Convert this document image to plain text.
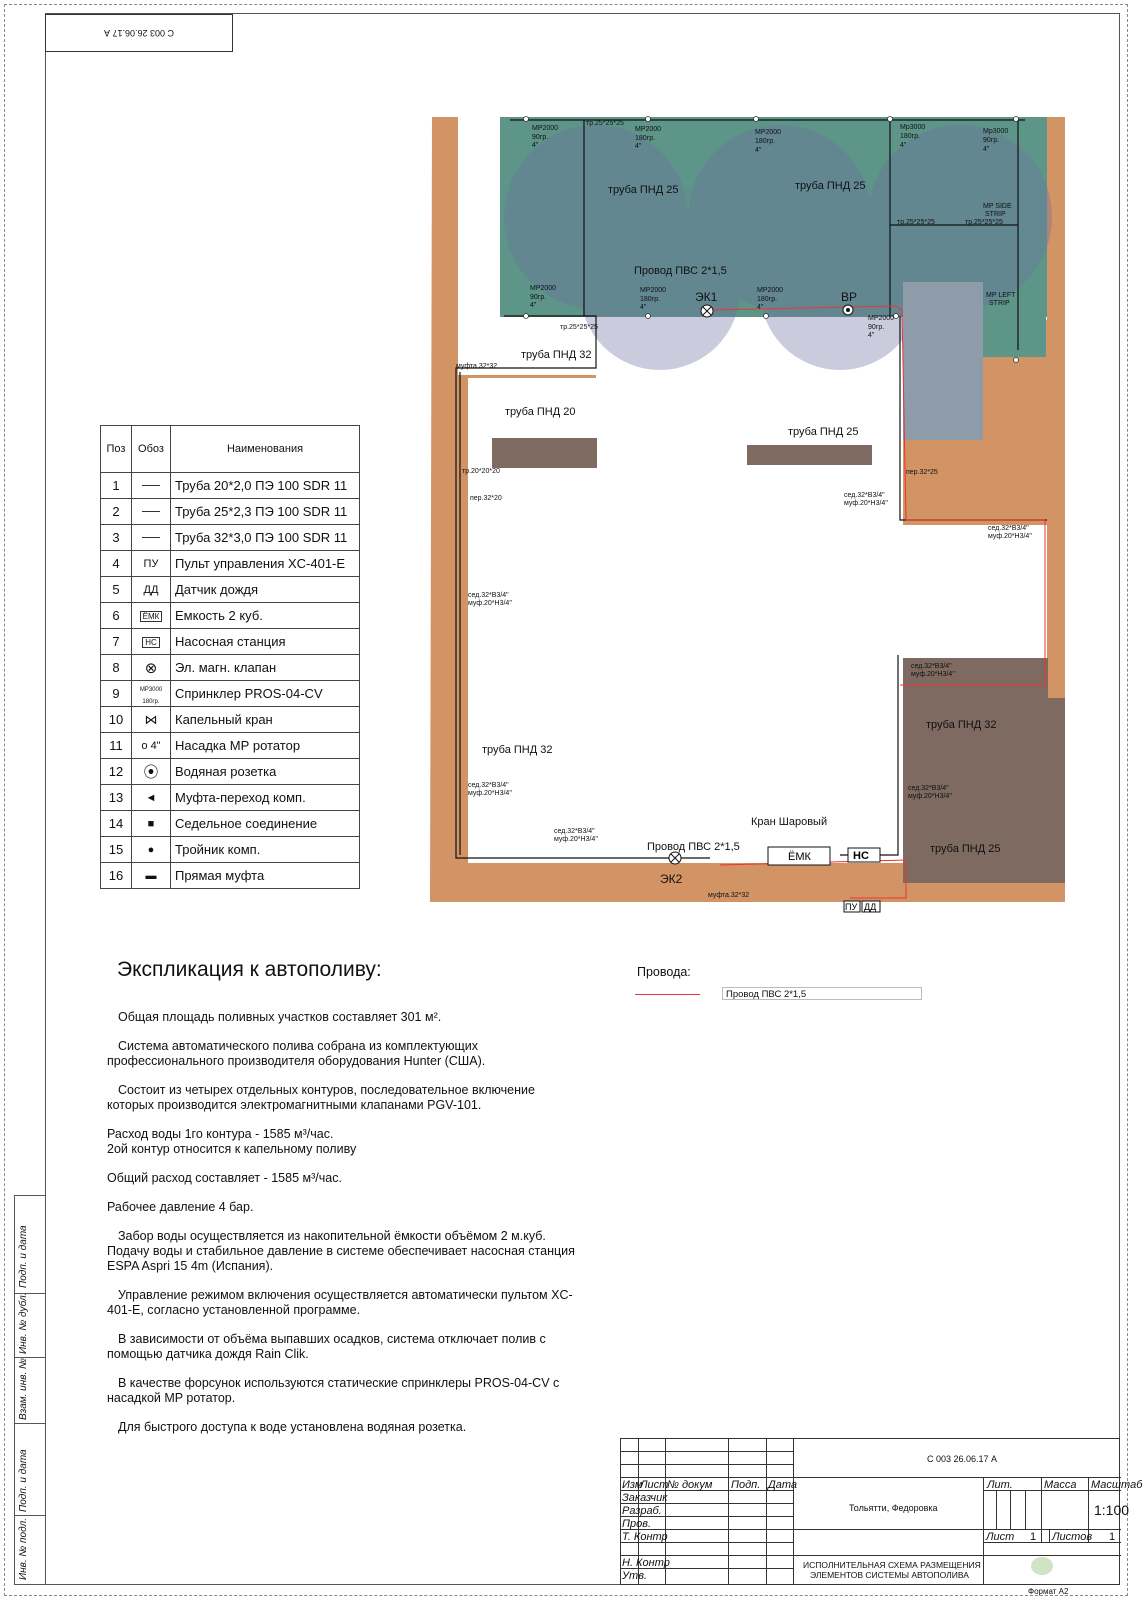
С 003 26.06.17 А
MP2000
90гр.
4"
MP2000
180гр.
4"
MP2000
180гр.
4"
Mp3000
180гр.
4"
Mp3000
90гр.
4"
MP SIDE
STRIP
MP LEFT
STRIP
MP2000
90гр.
4"
MP2000
180гр.
4"
MP2000
180гр.
4"
MP2000
90гр.
4"
тр.25*25*25
тр.25*25*25
тр.25*25*25	тр.25*25*25
тр.20*20*20
муфта.32*32
муфта.32*32
пер.32*20
пер.32*25
сед.32*В3/4"
муф.20*Н3/4"
сед.32*В3/4"
муф.20*Н3/4"
сед.32*В3/4"
муф.20*Н3/4"
сед.32*В3/4"
муф.20*Н3/4"
сед.32*В3/4"
муф.20*Н3/4"
сед.32*В3/4"
муф.20*Н3/4"
сед.32*В3/4"
муф.20*Н3/4"
труба ПНД 25	труба ПНД 25
труба ПНД 25
труба ПНД 25
труба ПНД 32
труба ПНД 32
труба ПНД 32
труба ПНД 20
Провод ПВС 2*1,5
Провод ПВС 2*1,5
Кран Шаровый
ЭК1
ЭК2
ВР
ЁМК	НС
ПУ ДД
Поз	Обоз	Наименования
1		Труба 20*2,0 ПЭ 100 SDR 11
2		Труба 25*2,3 ПЭ 100 SDR 11
3		Труба 32*3,0 ПЭ 100 SDR 11
4	ПУ	Пульт управления XC-401-E
5	ДД	Датчик дождя
6	ЁМК	Емкость 2 куб.
7	НС	Насосная станция
8	⊗	Эл. магн. клапан
9	MP3000 180гр.	Спринклер PROS-04-CV
10	⋈	Капельный кран
11	o 4"	Насадка МР ротатор
12	⦿	Водяная розетка
13	◄	Муфта-переход комп.
14	■	Седельное соединение
15	●	Тройник комп.
16	▬	Прямая муфта
Экспликация к автополиву:

Общая площадь поливных участков составляет 301 м².

Система автоматического полива собрана из комплектующих профессионального производителя оборудования Hunter (США).

Состоит из четырех отдельных контуров, последовательное включение которых производится электромагнитными клапанами PGV-101.

Расход воды 1го контура - 1585 м³/час.

2ой контур относится к капельному поливу

Общий расход составляет - 1585 м³/час.

Рабочее давление 4 бар.

Забор воды осуществляется из накопительной ёмкости объёмом 2 м.куб. Подачу воды и стабильное давление в системе обеспечивает насосная станция ESPA Aspri 15 4m (Испания).

Управление режимом включения осуществляется автоматически пультом XC-401-E, согласно установленной программе.

В зависимости от объёма выпавших осадков, система отключает полив с помощью датчика дождя Rain Clik.

В качестве форсунок используются статические спринклеры PROS-04-CV с насадкой MP ротатор.

Для быстрого доступа к воде установлена водяная розетка.

Провода:
Провод ПВС 2*1,5
Подп. и дата
Инв. № дубл.
Взам. инв. №
Подп. и дата
Инв. № подл.
С 003 26.06.17 А
Изм
Лист
№ докум Подп. Дата
Заказчик
Разраб.
Пров.
Т. Контр
Н. Контр
Утв.
Тольятти, Федоровка
Лит.	Масса Масштаб
1:100
Лист 1 Листов 1
ИСПОЛНИТЕЛЬНАЯ СХЕМА РАЗМЕЩЕНИЯ
ЭЛЕМЕНТОВ СИСТЕМЫ АВТОПОЛИВА
Формат А2
